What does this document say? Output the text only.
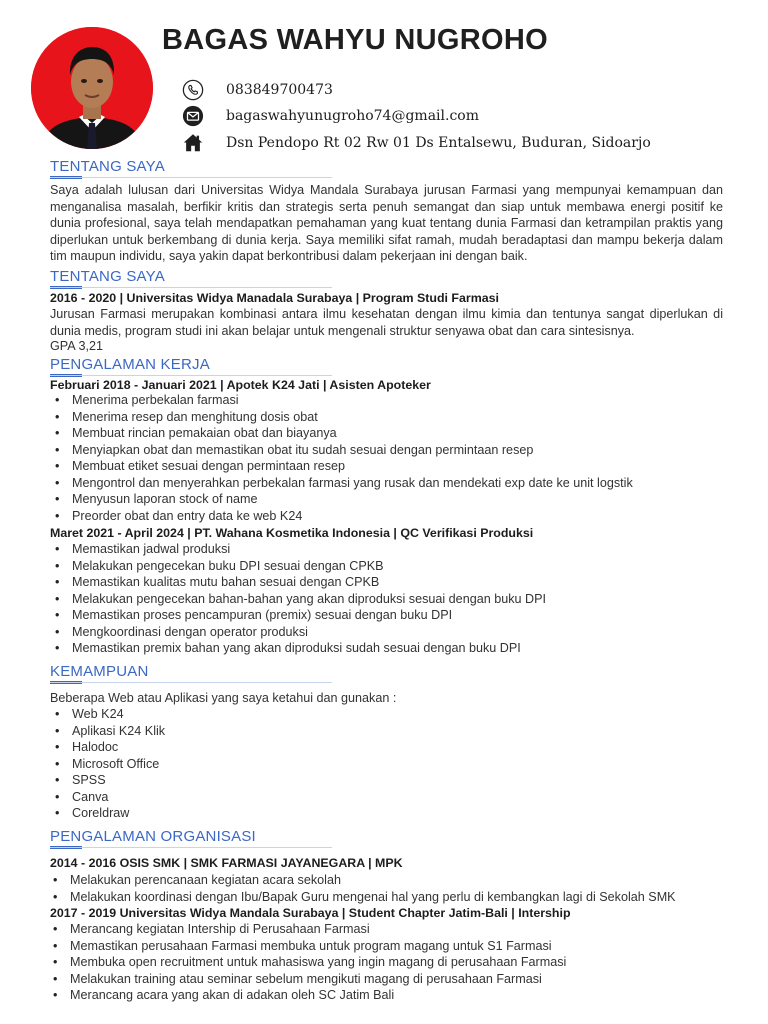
BAGAS WAHYU NUGROHO
083849700473
bagaswahyunugroho74@gmail.com
Dsn Pendopo Rt 02 Rw 01 Ds Entalsewu, Buduran, Sidoarjo
TENTANG SAYA
Saya adalah lulusan dari Universitas Widya Mandala Surabaya jurusan Farmasi yang mempunyai kemampuan dan menganalisa masalah, berfikir kritis dan strategis serta penuh semangat dan siap untuk membawa energi positif ke dunia profesional, saya telah mendapatkan pemahaman yang kuat tentang dunia Farmasi dan ketrampilan praktis yang diperlukan untuk berkembang di dunia kerja. Saya memiliki sifat ramah, mudah beradaptasi dan mampu bekerja dalam tim maupun individu, saya yakin dapat berkontribusi dalam pekerjaan ini dengan baik.
TENTANG SAYA
2016 - 2020 | Universitas Widya Manadala Surabaya | Program Studi Farmasi
Jurusan Farmasi merupakan kombinasi antara ilmu kesehatan dengan ilmu kimia dan tentunya sangat diperlukan di dunia medis, program studi ini akan belajar untuk mengenali struktur senyawa obat dan cara sintesisnya.
GPA 3,21
PENGALAMAN KERJA
Februari 2018 - Januari 2021 | Apotek K24 Jati | Asisten Apoteker
• Menerima perbekalan farmasi
• Menerima resep dan menghitung dosis obat
• Membuat rincian pemakaian obat dan biayanya
• Menyiapkan obat dan memastikan obat itu sudah sesuai dengan permintaan resep
• Membuat etiket sesuai dengan permintaan resep
• Mengontrol dan menyerahkan perbekalan farmasi yang rusak dan mendekati exp date ke unit logstik
• Menyusun laporan stock of name
• Preorder obat dan entry data ke web K24
Maret 2021 - April 2024 | PT. Wahana Kosmetika Indonesia | QC Verifikasi Produksi
• Memastikan jadwal produksi
• Melakukan pengecekan buku DPI sesuai dengan CPKB
• Memastikan kualitas mutu bahan sesuai dengan CPKB
• Melakukan pengecekan bahan-bahan yang akan diproduksi sesuai dengan buku DPI
• Memastikan proses pencampuran (premix) sesuai dengan buku DPI
• Mengkoordinasi dengan operator produksi
• Memastikan premix bahan yang akan diproduksi sudah sesuai dengan buku DPI
KEMAMPUAN
Beberapa Web atau Aplikasi yang saya ketahui dan gunakan :
• Web K24
• Aplikasi K24 Klik
• Halodoc
• Microsoft Office
• SPSS
• Canva
• Coreldraw
PENGALAMAN ORGANISASI
2014 - 2016 OSIS SMK | SMK FARMASI JAYANEGARA | MPK
• Melakukan perencanaan kegiatan acara sekolah
• Melakukan koordinasi dengan Ibu/Bapak Guru mengenai hal yang perlu di kembangkan lagi di Sekolah SMK
2017 - 2019 Universitas Widya Mandala Surabaya | Student Chapter Jatim-Bali | Intership
• Merancang kegiatan Intership di Perusahaan Farmasi
• Memastikan perusahaan Farmasi membuka untuk program magang untuk S1 Farmasi
• Membuka open recruitment untuk mahasiswa yang ingin magang di perusahaan Farmasi
• Melakukan training atau seminar sebelum mengikuti magang di perusahaan Farmasi
• Merancang acara yang akan di adakan oleh SC Jatim Bali
